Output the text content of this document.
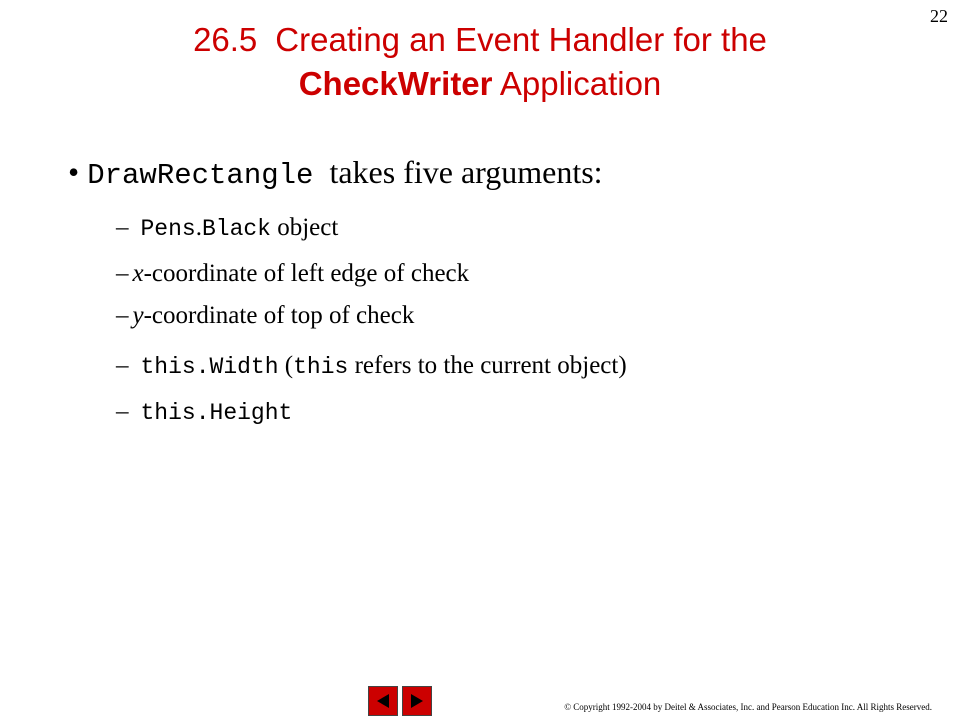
22
26.5 Creating an Event Handler for the
CheckWriter Application
• DrawRectangle takes five arguments:
– Pens.Black object
– x-coordinate of left edge of check
– y-coordinate of top of check
– this.Width (this refers to the current object)
– this.Height
© Copyright 1992-2004 by Deitel & Associates, Inc. and Pearson Education Inc. All Rights Reserved.
